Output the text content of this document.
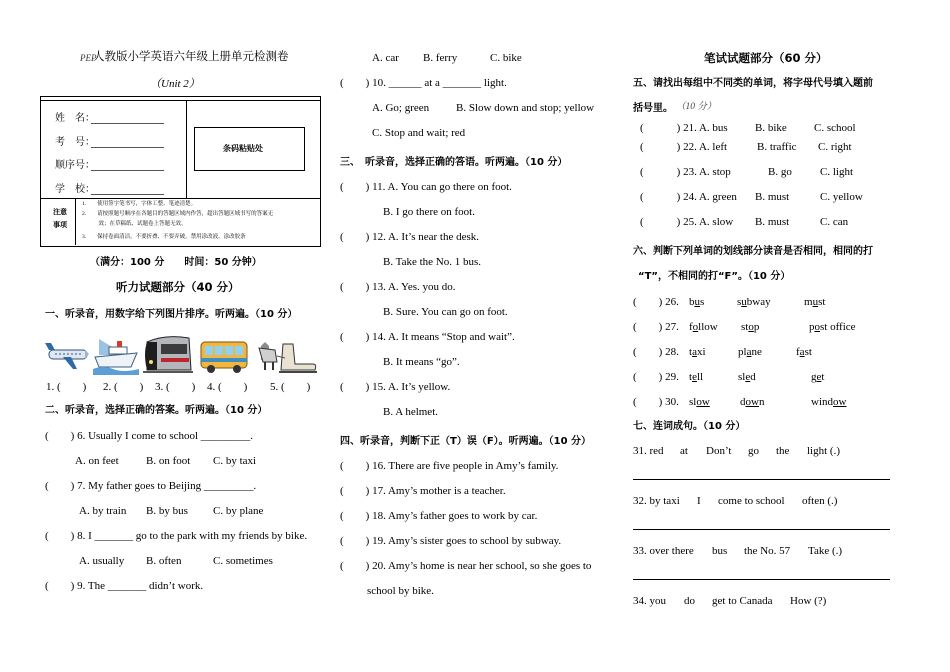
PEP
人教版小学英语六年级上册单元检测卷
（Unit 2）
姓　名：
考　号：
顺序号：
学　校：
条码粘贴处
注意事项
1.　　使用签字笔书写，字体工整、笔迹清楚。
2.　　请按照题号顺序在各题目的答题区域内作答，超出答题区域书写的答案无
　　　效；在草稿纸、试题卷上答题无效。
3.　　保持卷面清洁，不要折叠、不要弄破，禁用涂改液，涂改胶条
（满分：100 分　　时间：50 分钟）
听力试题部分（40 分）
一、听录音，用数字给下列图片排序。听两遍。（10 分）
1. (　　) 2. (　　) 3. (　　) 4. (　　) 5. (　　)
二、听录音，选择正确的答案。听两遍。（10 分）
(　　) 6. Usually I come to school _________.
A. on feet B. on foot C. by taxi
(　　) 7. My father goes to Beijing _________.
A. by train B. by bus C. by plane
(　　) 8. I _______ go to the park with my friends by bike.
A. usually B. often	C. sometimes
(　　) 9. The _______ didn’t work.
A. car B. ferry	C. bike
(　　) 10. ______ at a _______ light.
A. Go; green B. Slow down and stop; yellow
C. Stop and wait; red
三、　听录音，选择正确的答语。听两遍。（10 分）
(　　) 11. A. You can go there on foot.
B. I go there on foot.
(　　) 12. A. It’s near the desk.
B. Take the No. 1 bus.
(　　) 13. A. Yes. you do.
B. Sure. You can go on foot.
(　　) 14. A. It means “Stop and wait”.
B. It means “go”.
(　　) 15. A. It’s yellow.
B. A helmet.
四、听录音，判断下正（T）误（F）。听两遍。（10 分）
(　　) 16. There are five people in Amy’s family.
(　　) 17. Amy’s mother is a teacher.
(　　) 18. Amy’s father goes to work by car.
(　　) 19. Amy’s sister goes to school by subway.
(　　) 20. Amy’s home is near her school, so she goes to
school by bike.
笔试试题部分（60 分）
五、请找出每组中不同类的单词，将字母代号填入题前
括号里。 （10 分）
(　　　) 21. A. bus B. bike C. school
(　　　) 22. A. left	B. traffic C. right
(　　　) 23. A. stop	B. go	C. light
(　　　) 24. A. green B. must	C. yellow
(　　　) 25. A. slow B. must	C. can
六、判断下列单词的划线部分读音是否相同，相同的打
“T”，不相同的打“F”。（10 分）
(　　) 26. bus	subway	must
(　　) 27. follow stop	post office
(　　) 28. taxi	plane	fast
(　　) 29. tell	sled	get
(　　) 30. slow	down	window
七、连词成句。（10 分）
31. red at Don’t go the light (.)
32. by taxi I come to school often (.)
33. over there bus the No. 57 Take (.)
34. you do get to Canada How (?)
